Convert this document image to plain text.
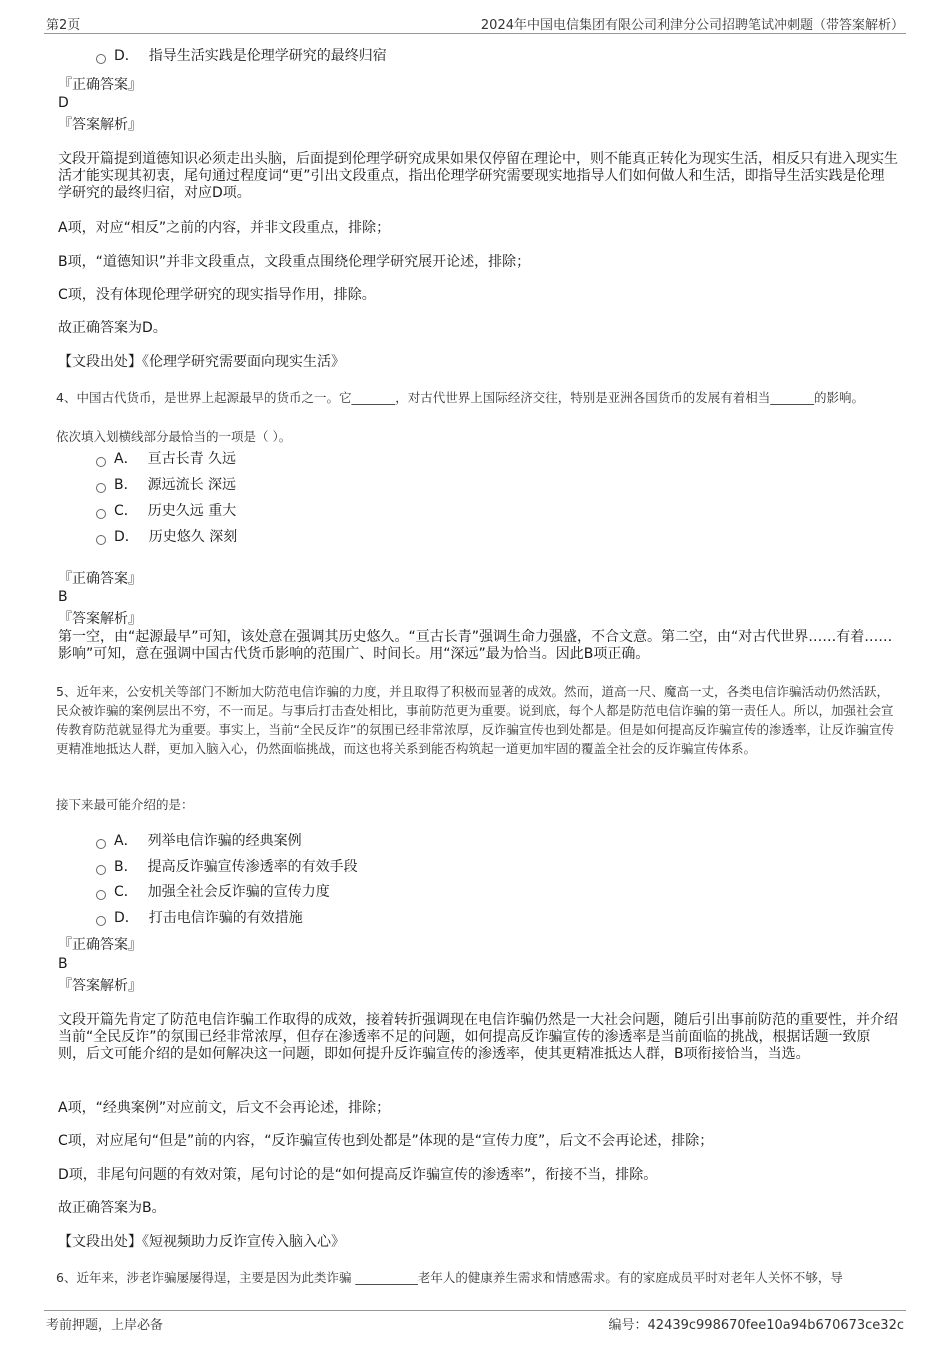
第2页	2024年中国电信集团有限公司利津分公司招聘笔试冲刺题（带答案解析）
D． 指导生活实践是伦理学研究的最终归宿
『正确答案』
D
『答案解析』
文段开篇提到道德知识必须走出头脑，后面提到伦理学研究成果如果仅停留在理论中，则不能真正转化为现实生活，相反只有进入现实生活才能实现其初衷，尾句通过程度词“更”引出文段重点，指出伦理学研究需要现实地指导人们如何做人和生活，即指导生活实践是伦理学研究的最终归宿，对应D项。
A项，对应“相反”之前的内容，并非文段重点，排除；
B项，“道德知识”并非文段重点，文段重点围绕伦理学研究展开论述，排除；
C项，没有体现伦理学研究的现实指导作用，排除。
故正确答案为D。
【文段出处】《伦理学研究需要面向现实生活》
4、中国古代货币，是世界上起源最早的货币之一。它_______，对古代世界上国际经济交往，特别是亚洲各国货币的发展有着相当_______的影响。
依次填入划横线部分最恰当的一项是（ ）。
A． 亘古长青 久远
B． 源远流长 深远
C． 历史久远 重大
D． 历史悠久 深刻
『正确答案』
B
『答案解析』
第一空，由“起源最早”可知，该处意在强调其历史悠久。“亘古长青”强调生命力强盛，不合文意。第二空，由“对古代世界……有着……影响”可知，意在强调中国古代货币影响的范围广、时间长。用“深远”最为恰当。因此B项正确。
5、近年来，公安机关等部门不断加大防范电信诈骗的力度，并且取得了积极而显著的成效。然而，道高一尺、魔高一丈，各类电信诈骗活动仍然活跃，民众被诈骗的案例层出不穷，不一而足。与事后打击查处相比，事前防范更为重要。说到底，每个人都是防范电信诈骗的第一责任人。所以，加强社会宣传教育防范就显得尤为重要。事实上，当前“全民反诈”的氛围已经非常浓厚，反诈骗宣传也到处都是。但是如何提高反诈骗宣传的渗透率，让反诈骗宣传更精准地抵达人群，更加入脑入心，仍然面临挑战，而这也将关系到能否构筑起一道更加牢固的覆盖全社会的反诈骗宣传体系。
接下来最可能介绍的是：
A． 列举电信诈骗的经典案例
B． 提高反诈骗宣传渗透率的有效手段
C． 加强全社会反诈骗的宣传力度
D． 打击电信诈骗的有效措施
『正确答案』
B
『答案解析』
文段开篇先肯定了防范电信诈骗工作取得的成效，接着转折强调现在电信诈骗仍然是一大社会问题，随后引出事前防范的重要性，并介绍当前“全民反诈”的氛围已经非常浓厚，但存在渗透率不足的问题，如何提高反诈骗宣传的渗透率是当前面临的挑战，根据话题一致原则，后文可能介绍的是如何解决这一问题，即如何提升反诈骗宣传的渗透率，使其更精准抵达人群，B项衔接恰当，当选。
A项，“经典案例”对应前文，后文不会再论述，排除；
C项，对应尾句“但是”前的内容，“反诈骗宣传也到处都是”体现的是“宣传力度”，后文不会再论述，排除；
D项，非尾句问题的有效对策，尾句讨论的是“如何提高反诈骗宣传的渗透率”，衔接不当，排除。
故正确答案为B。
【文段出处】《短视频助力反诈宣传入脑入心》
6、近年来，涉老诈骗屡屡得逞，主要是因为此类诈骗 __________老年人的健康养生需求和情感需求。有的家庭成员平时对老年人关怀不够，导
考前押题，上岸必备	编号：42439c998670fee10a94b670673ce32c
